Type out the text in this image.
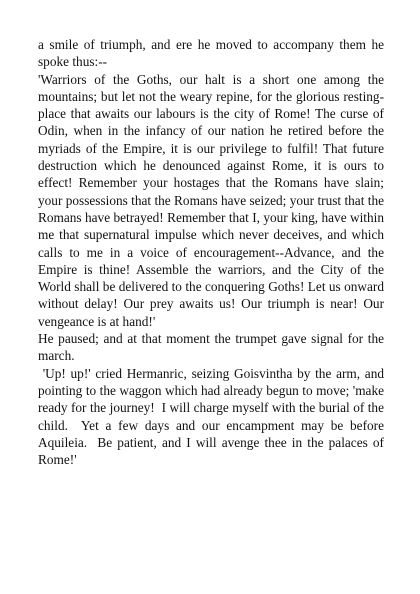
a smile of triumph, and ere he moved to accompany them he spoke thus:--

'Warriors of the Goths, our halt is a short one among the mountains; but let not the weary repine, for the glorious resting-place that awaits our labours is the city of Rome! The curse of Odin, when in the infancy of our nation he retired before the myriads of the Empire, it is our privilege to fulfil! That future destruction which he denounced against Rome, it is ours to effect! Remember your hostages that the Romans have slain; your possessions that the Romans have seized; your trust that the Romans have betrayed! Remember that I, your king, have within me that supernatural impulse which never deceives, and which calls to me in a voice of encouragement--Advance, and the Empire is thine! Assemble the warriors, and the City of the World shall be delivered to the conquering Goths! Let us onward without delay! Our prey awaits us! Our triumph is near! Our vengeance is at hand!'

He paused; and at that moment the trumpet gave signal for the march.

'Up! up!' cried Hermanric, seizing Goisvintha by the arm, and pointing to the waggon which had already begun to move; 'make ready for the journey!  I will charge myself with the burial of the child.  Yet a few days and our encampment may be before Aquileia.  Be patient, and I will avenge thee in the palaces of Rome!'
